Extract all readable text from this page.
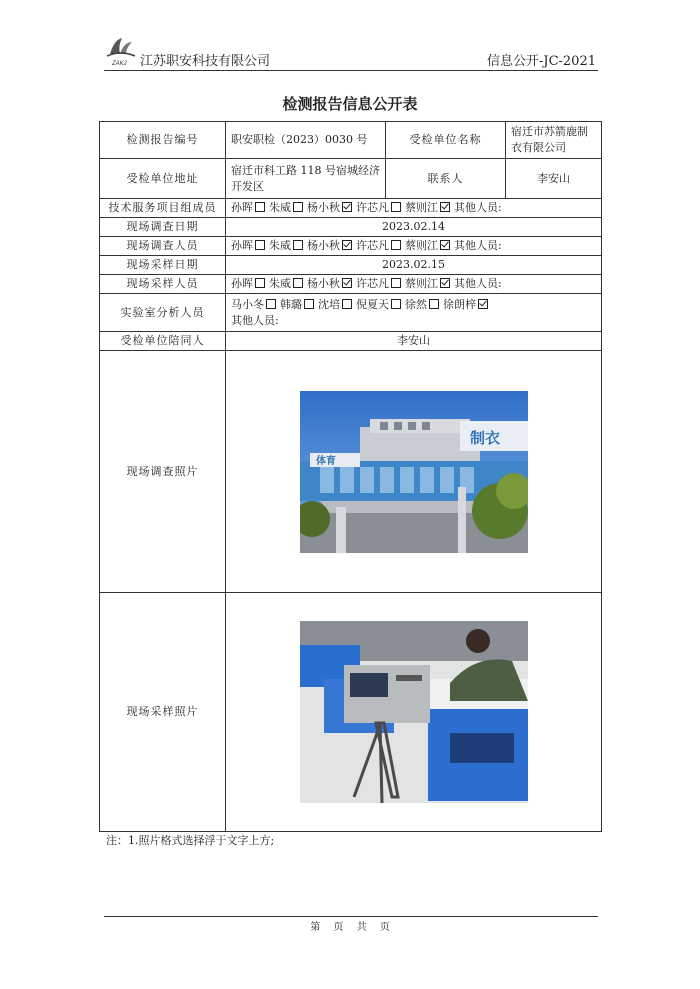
ZAKJ 江苏职安科技有限公司	信息公开-JC-2021
检测报告信息公开表
检测报告编号	职安职检（2023）0030 号	受检单位名称	宿迁市苏箭鹿制衣有限公司
受检单位地址	宿迁市科工路 118 号宿城经济开发区	联系人	李安山
技术服务项目组成员	孙晖 朱威 杨小秋 许芯凡 蔡则江 其他人员:		
现场调查日期	2023.02.14		
现场调查人员	孙晖 朱威 杨小秋 许芯凡 蔡则江 其他人员:		
现场采样日期	2023.02.15		
现场采样人员	孙晖 朱威 杨小秋 许芯凡 蔡则江 其他人员:		
实验室分析人员	马小冬 韩璐 沈培 倪夏天 徐然 徐朗梓
其他人员:		
受检单位陪同人	李安山		
现场调查照片	制衣
体育		

现场采样照片	
注：1.照片格式选择浮于文字上方;
第 页 共 页
